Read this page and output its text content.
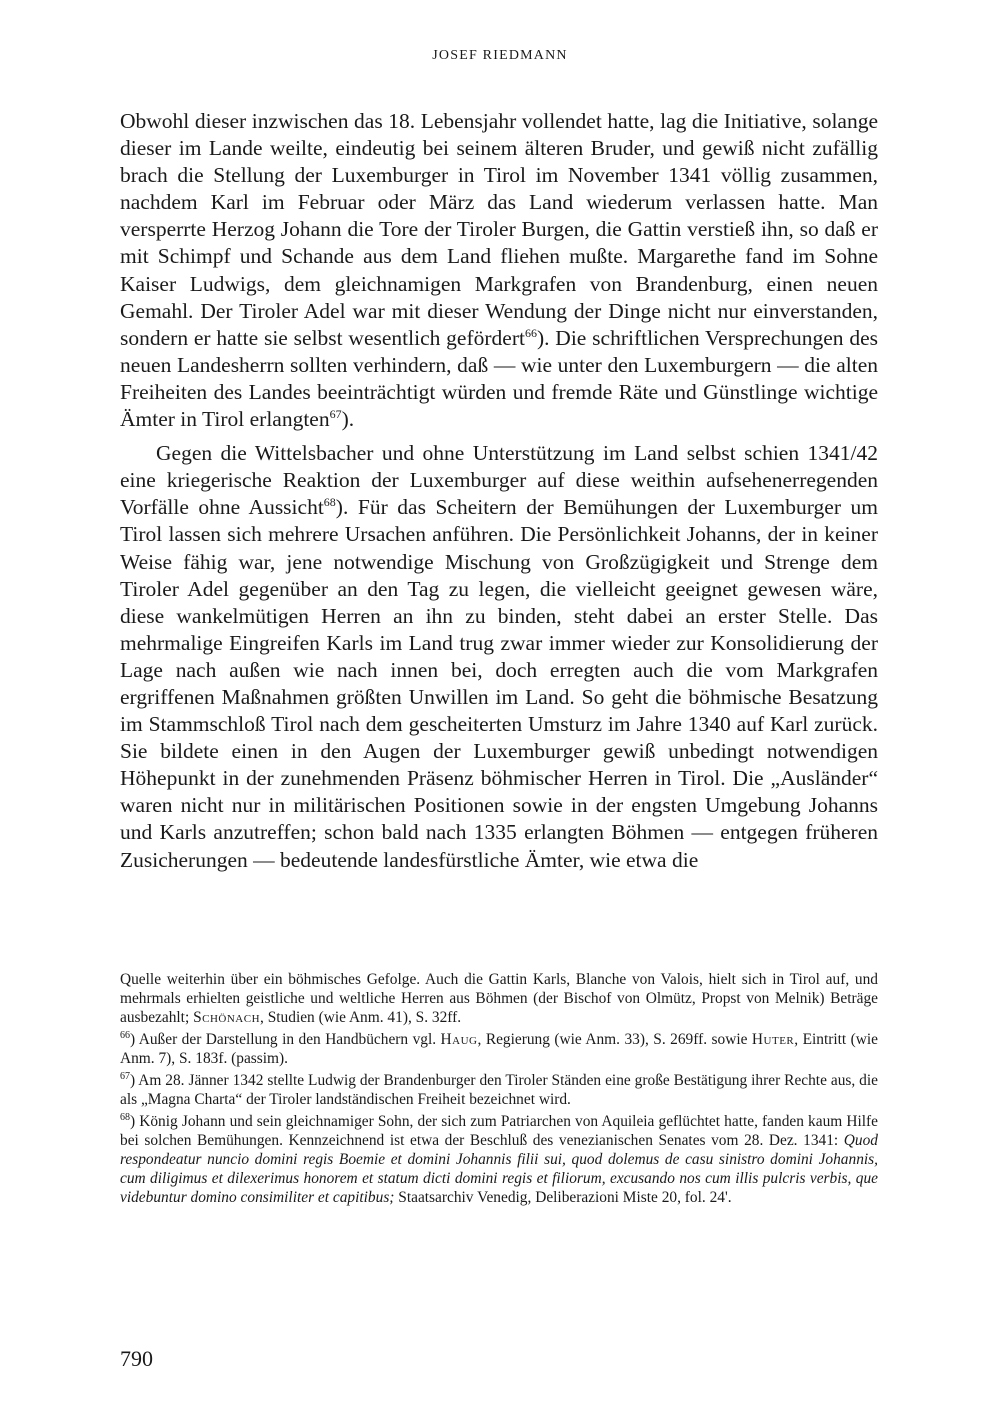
JOSEF RIEDMANN

Obwohl dieser inzwischen das 18. Lebensjahr vollendet hatte, lag die Initiative, solange dieser im Lande weilte, eindeutig bei seinem älteren Bruder, und gewiß nicht zufällig brach die Stellung der Luxemburger in Tirol im November 1341 völlig zusammen, nachdem Karl im Februar oder März das Land wiederum verlassen hatte. Man versperrte Herzog Johann die Tore der Tiroler Burgen, die Gattin verstieß ihn, so daß er mit Schimpf und Schande aus dem Land fliehen mußte. Margarethe fand im Sohne Kaiser Ludwigs, dem gleichnamigen Markgrafen von Brandenburg, einen neuen Gemahl. Der Tiroler Adel war mit dieser Wendung der Dinge nicht nur einverstanden, sondern er hatte sie selbst wesentlich gefördert$^{66}$). Die schriftlichen Versprechungen des neuen Landesherrn sollten verhindern, daß — wie unter den Luxemburgern — die alten Freiheiten des Landes beeinträchtigt würden und fremde Räte und Günstlinge wichtige Ämter in Tirol erlangten$^{67}$).

Gegen die Wittelsbacher und ohne Unterstützung im Land selbst schien 1341/42 eine kriegerische Reaktion der Luxemburger auf diese weithin aufsehenerregenden Vorfälle ohne Aussicht$^{68}$). Für das Scheitern der Bemühungen der Luxemburger um Tirol lassen sich mehrere Ursachen anführen. Die Persönlichkeit Johanns, der in keiner Weise fähig war, jene notwendige Mischung von Großzügigkeit und Strenge dem Tiroler Adel gegenüber an den Tag zu legen, die vielleicht geeignet gewesen wäre, diese wankelmütigen Herren an ihn zu binden, steht dabei an erster Stelle. Das mehrmalige Eingreifen Karls im Land trug zwar immer wieder zur Konsolidierung der Lage nach außen wie nach innen bei, doch erregten auch die vom Markgrafen ergriffenen Maßnahmen größten Unwillen im Land. So geht die böhmische Besatzung im Stammschloß Tirol nach dem gescheiterten Umsturz im Jahre 1340 auf Karl zurück. Sie bildete einen in den Augen der Luxemburger gewiß unbedingt notwendigen Höhepunkt in der zunehmenden Präsenz böhmischer Herren in Tirol. Die „Ausländer“ waren nicht nur in militärischen Positionen sowie in der engsten Umgebung Johanns und Karls anzutreffen; schon bald nach 1335 erlangten Böhmen — entgegen früheren Zusicherungen — bedeutende landesfürstliche Ämter, wie etwa die

Quelle weiterhin über ein böhmisches Gefolge. Auch die Gattin Karls, Blanche von Valois, hielt sich in Tirol auf, und mehrmals erhielten geistliche und weltliche Herren aus Böhmen (der Bischof von Olmütz, Propst von Melnik) Beträge ausbezahlt; Schönach, Studien (wie Anm. 41), S. 32ff.

$^{66}$) Außer der Darstellung in den Handbüchern vgl. Haug, Regierung (wie Anm. 33), S. 269ff. sowie Huter, Eintritt (wie Anm. 7), S. 183f. (passim).

$^{67}$) Am 28. Jänner 1342 stellte Ludwig der Brandenburger den Tiroler Ständen eine große Bestätigung ihrer Rechte aus, die als „Magna Charta“ der Tiroler landständischen Freiheit bezeichnet wird.

$^{68}$) König Johann und sein gleichnamiger Sohn, der sich zum Patriarchen von Aquileia geflüchtet hatte, fanden kaum Hilfe bei solchen Bemühungen. Kennzeichnend ist etwa der Beschluß des venezianischen Senates vom 28. Dez. 1341: Quod respondeatur nuncio domini regis Boemie et domini Johannis filii sui, quod dolemus de casu sinistro domini Johannis, cum diligimus et dilexerimus honorem et statum dicti domini regis et filiorum, excusando nos cum illis pulcris verbis, que videbuntur domino consimiliter et capitibus; Staatsarchiv Venedig, Deliberazioni Miste 20, fol. 24'.

790
